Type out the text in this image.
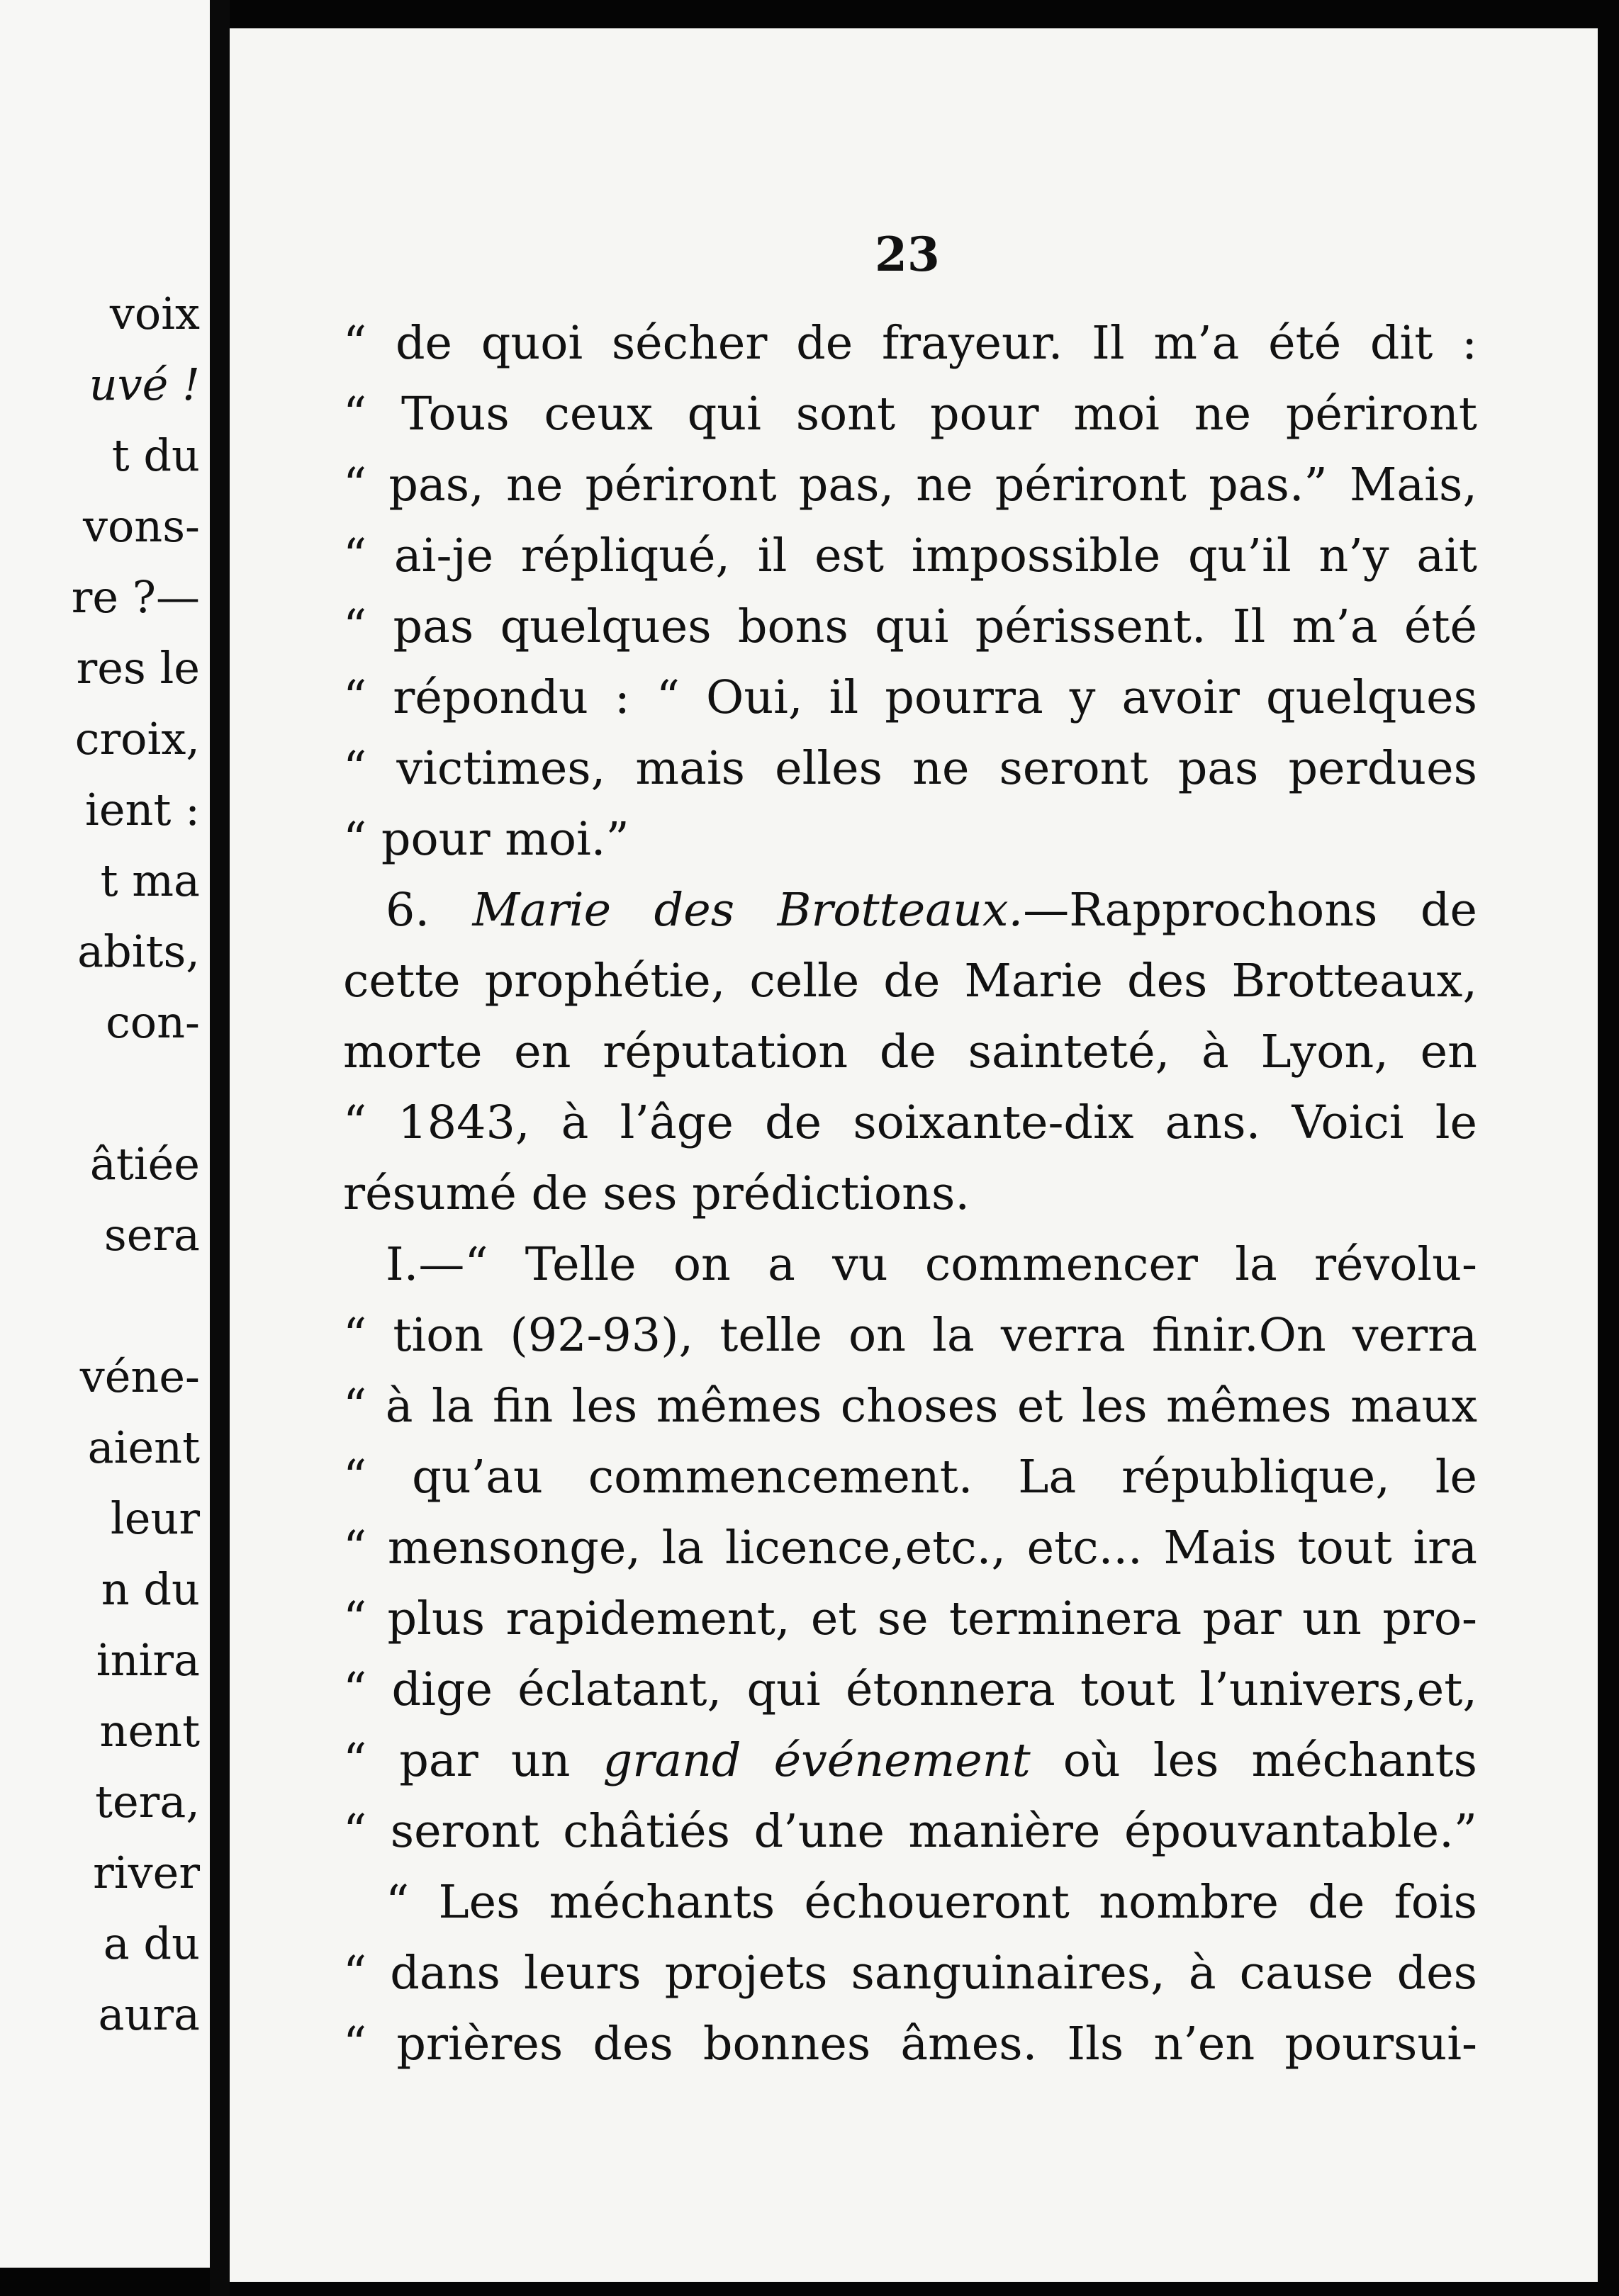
voix
uvé !
t du
vons-
re ?—
res le
croix,
ient :
t ma
abits,
con-
âtiée
sera
véne-
aient
leur
n du
inira
nent
tera,
river
a du
aura
23
“ de quoi sécher de frayeur. Il m’a été dit :
“ Tous ceux qui sont pour moi ne périront
“ pas, ne périront pas, ne périront pas.” Mais,
“ ai-je répliqué, il est impossible qu’il n’y ait
“ pas quelques bons qui périssent. Il m’a été
“ répondu : “ Oui, il pourra y avoir quelques
“ victimes, mais elles ne seront pas perdues
“ pour moi.”
6. Marie des Brotteaux.—Rapprochons de
cette prophétie, celle de Marie des Brotteaux,
morte en réputation de sainteté, à Lyon, en
“ 1843, à l’âge de soixante-dix ans. Voici le
résumé de ses prédictions.
I.—“ Telle on a vu commencer la révolu-
“ tion (92-93), telle on la verra finir.On verra
“ à la fin les mêmes choses et les mêmes maux
“ qu’au commencement. La république, le
“ mensonge, la licence,etc., etc... Mais tout ira
“ plus rapidement, et se terminera par un pro-
“ dige éclatant, qui étonnera tout l’univers,et,
“ par un grand événement où les méchants
“ seront châtiés d’une manière épouvantable.”
“ Les méchants échoueront nombre de fois
“ dans leurs projets sanguinaires, à cause des
“ prières des bonnes âmes. Ils n’en poursui-
